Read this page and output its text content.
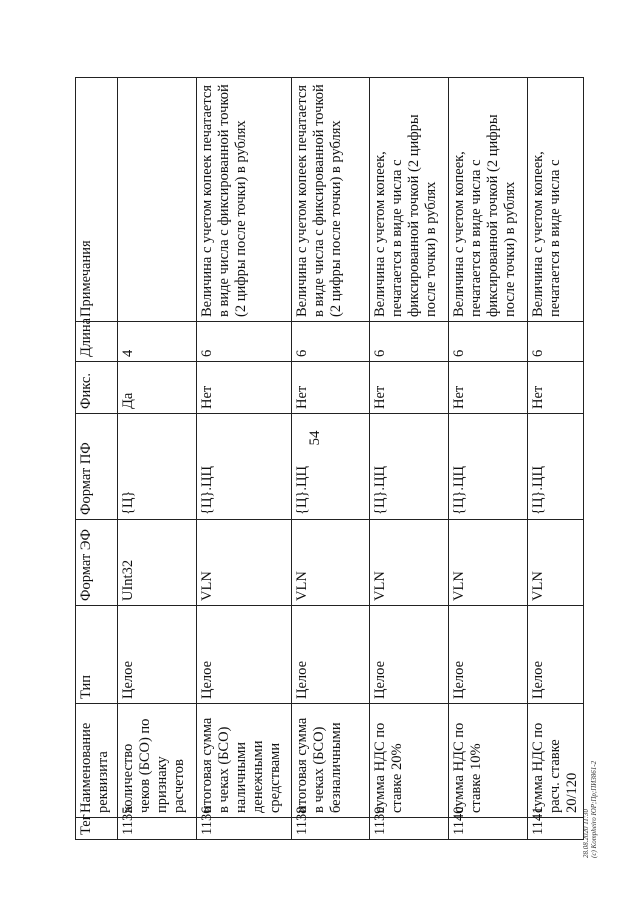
54
Тег	Наименование реквизита	Тип	Формат ЭФ	Формат ПФ	Фикс.	Длина	Примечания
1135	количество чеков (БСО) по признаку расчетов	Целое	UInt32	{Ц}	Да	4	
1136	итоговая сумма в чеках (БСО) наличными денежными средствами	Целое	VLN	{Ц}.ЦЦ	Нет	6	Величина с учетом копеек печатается в виде числа с фиксированной точкой (2 цифры после точки) в рублях
1138	итоговая сумма в чеках (БСО) безналичными	Целое	VLN	{Ц}.ЦЦ	Нет	6	Величина с учетом копеек печатается в виде числа с фиксированной точкой (2 цифры после точки) в рублях
1139	сумма НДС по ставке 20%	Целое	VLN	{Ц}.ЦЦ	Нет	6	Величина с учетом копеек, печатается в виде числа с фиксированной точкой (2 цифры после точки) в рублях
1140	сумма НДС по ставке 10%	Целое	VLN	{Ц}.ЦЦ	Нет	6	Величина с учетом копеек, печатается в виде числа с фиксированной точкой (2 цифры после точки) в рублях
1141	сумма НДС по расч. ставке 20/120	Целое	VLN	{Ц}.ЦЦ	Нет	6	Величина с учетом копеек, печатается в виде числа с
28.08.2020 11:30 (c) Kompheiro ЮР;Пр;ПИЗ861-2
